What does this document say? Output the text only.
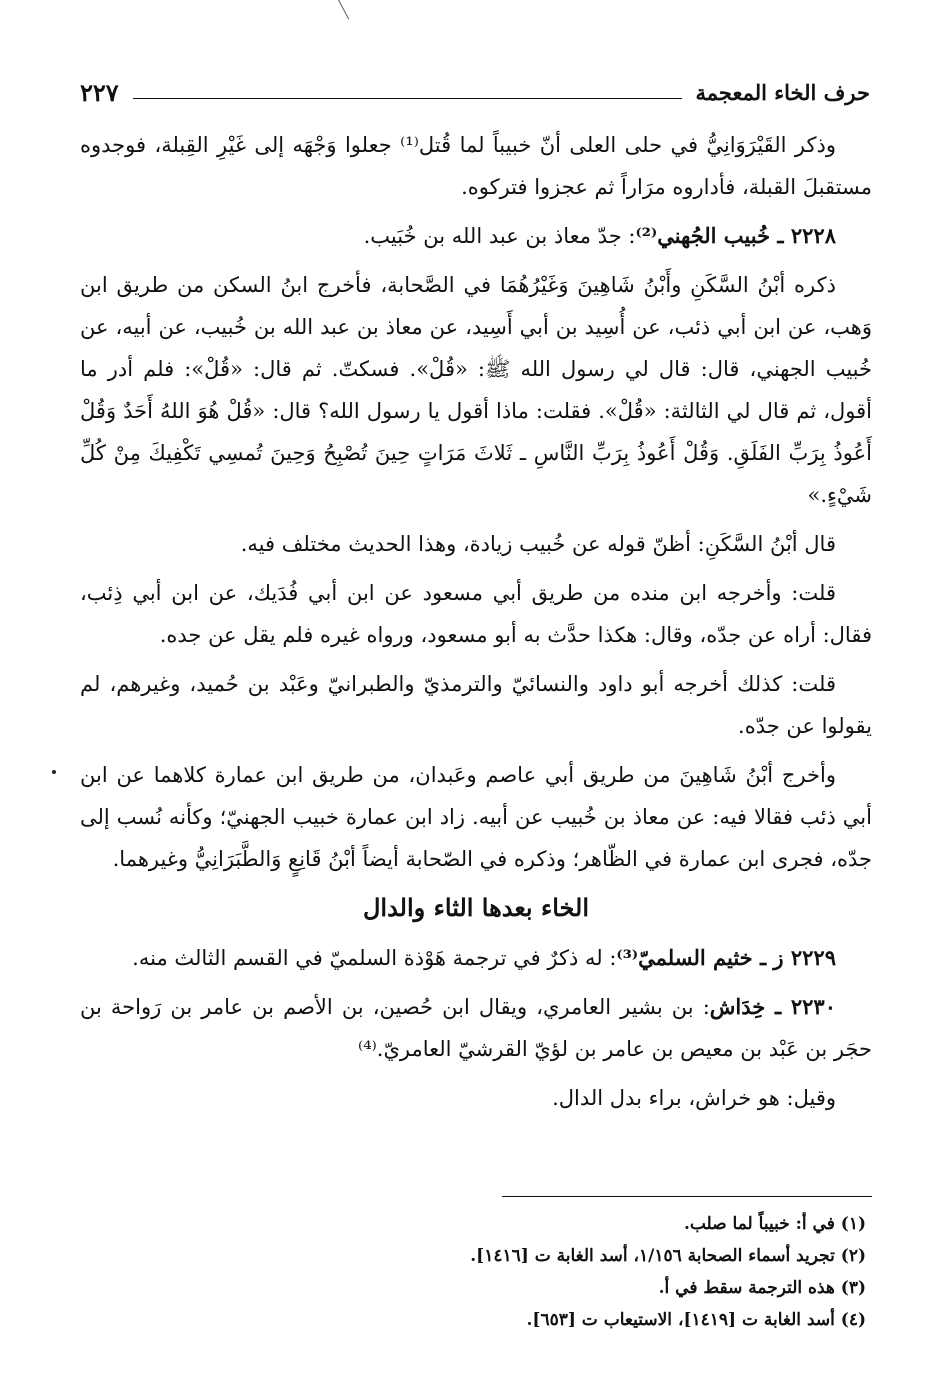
حرف الخاء المعجمة
٢٢٧

وذكر القَيْرَوَانِيُّ في حلى العلى أنّ خبيباً لما قُتل⁽¹⁾ جعلوا وَجْهَه إلى غَيْرِ القِبلة، فوجدوه مستقبلَ القبلة، فأداروه مرَاراً ثم عجزوا فتركوه.

٢٢٢٨ ـ خُبيب الجُهني⁽²⁾: جدّ معاذ بن عبد الله بن خُبَيب.

ذكره أبْنُ السَّكَنِ وأَبْنُ شَاهِينَ وَغَيْرُهُمَا في الصَّحابة، فأخرج ابنُ السكن من طريق ابن وَهب، عن ابن أبي ذئب، عن أُسِيد بن أبي أَسِيد، عن معاذ بن عبد الله بن خُبيب، عن أبيه، عن خُبيب الجهني، قال: قال لي رسول الله ﷺ: «قُلْ». فسكتّ. ثم قال: «قُلْ»: فلم أدر ما أقول، ثم قال لي الثالثة: «قُلْ». فقلت: ماذا أقول يا رسول الله؟ قال: «قُلْ هُوَ اللهُ أَحَدٌ وَقُلْ أَعُوذُ بِرَبِّ الفَلَقِ. وَقُلْ أَعُوذُ بِرَبِّ النَّاسِ ـ ثَلاثَ مَرَاتٍ حِينَ تُصْبِحُ وَحِينَ تُمسِي تَكْفِيكَ مِنْ كُلِّ شَيْءٍ.»

قال أبْنُ السَّكَنِ: أظنّ قوله عن خُبيب زيادة، وهذا الحديث مختلف فيه.

قلت: وأخرجه ابن منده من طريق أبي مسعود عن ابن أبي فُدَيك، عن ابن أبي ذِئب، فقال: أراه عن جدّه، وقال: هكذا حدَّث به أبو مسعود، ورواه غيره فلم يقل عن جده.

قلت: كذلك أخرجه أبو داود والنسائيّ والترمذيّ والطبرانيّ وعَبْد بن حُميد، وغيرهم، لم يقولوا عن جدّه.

وأخرج أبْنُ شَاهِينَ من طريق أبي عاصم وعَبدان، من طريق ابن عمارة كلاهما عن ابن أبي ذئب فقالا فيه: عن معاذ بن خُبيب عن أبيه. زاد ابن عمارة خبيب الجهنيّ؛ وكأنه نُسب إلى جدّه، فجرى ابن عمارة في الظّاهر؛ وذكره في الصّحابة أيضاً أبْنُ قَانِعٍ وَالطَّبَرَانِيُّ وغيرهما.

الخاء بعدها الثاء والدال

٢٢٢٩ ز ـ خثيم السلميّ⁽³⁾: له ذكرٌ في ترجمة هَوْذة السلميّ في القسم الثالث منه.

٢٢٣٠ ـ خِدَاش: بن بشير العامري، ويقال ابن حُصين، بن الأصم بن عامر بن رَواحة بن حجَر بن عَبْد بن معيص بن عامر بن لؤيّ القرشيّ العامريّ.⁽⁴⁾

وقيل: هو خراش، براء بدل الدال.

(١) في أ: خبيباً لما صلب.

(٢) تجريد أسماء الصحابة ١/١٥٦، أسد الغابة ت [١٤١٦].

(٣) هذه الترجمة سقط في أ.

(٤) أسد الغابة ت [١٤١٩]، الاستيعاب ت [٦٥٣].
